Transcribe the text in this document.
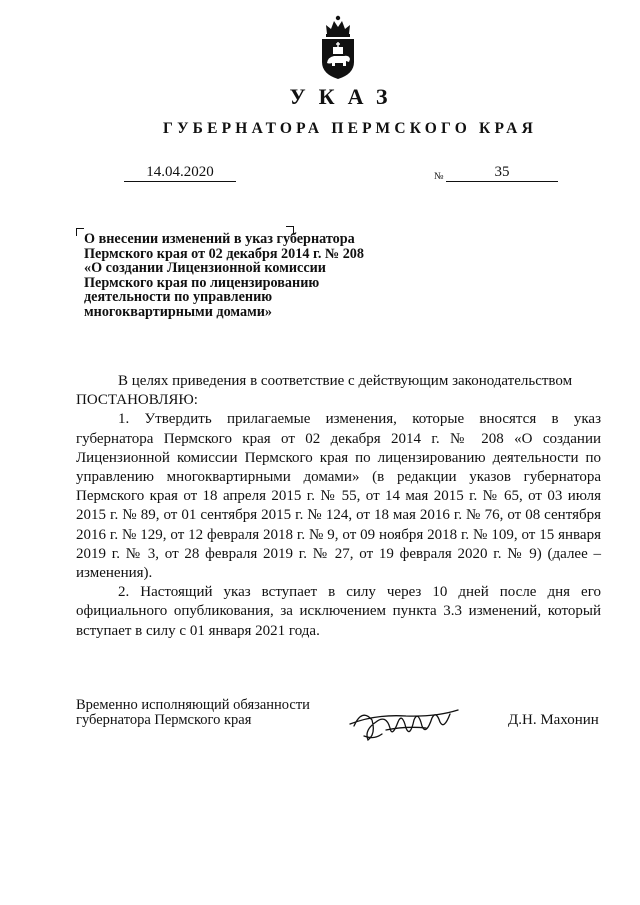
УКАЗ
ГУБЕРНАТОРА ПЕРМСКОГО КРАЯ
14.04.2020	№	35
О внесении изменений в указ губернатора
Пермского края от 02 декабря 2014 г. № 208
«О создании Лицензионной комиссии
Пермского края по лицензированию
деятельности по управлению
многоквартирными домами»

В целях приведения в соответствие с действующим законодательством

ПОСТАНОВЛЯЮ:

1. Утвердить прилагаемые изменения, которые вносятся в указ губернатора Пермского края от 02 декабря 2014 г. № 208 «О создании Лицензионной комиссии Пермского края по лицензированию деятельности по управлению многоквартирными домами» (в редакции указов губернатора Пермского края от 18 апреля 2015 г. № 55, от 14 мая 2015 г. № 65, от 03 июля 2015 г. № 89, от 01 сентября 2015 г. № 124, от 18 мая 2016 г. № 76, от 08 сентября 2016 г. № 129, от 12 февраля 2018 г. № 9, от 09 ноября 2018 г. № 109, от 15 января 2019 г. № 3, от 28 февраля 2019 г. № 27, от 19 февраля 2020 г. № 9) (далее – изменения).

2. Настоящий указ вступает в силу через 10 дней после дня его официального опубликования, за исключением пункта 3.3 изменений, который вступает в силу с 01 января 2021 года.

Временно исполняющий обязанности
губернатора Пермского края	Д.Н. Махонин
